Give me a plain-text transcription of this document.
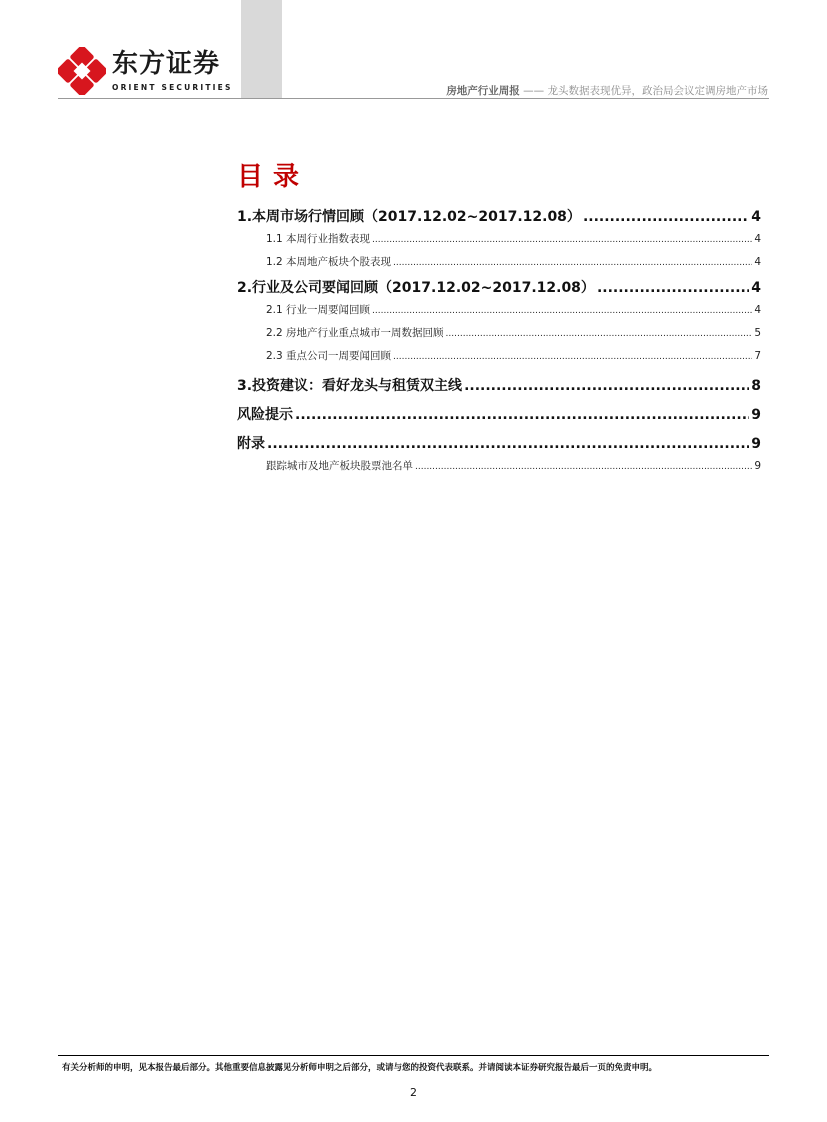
东方证券
ORIENT SECURITIES	房地产行业周报 —— 龙头数据表现优异，政治局会议定调房地产市场
目录
1.本周市场行情回顾（2017.12.02~2017.12.08） .....	4
1.1 本周行业指数表现 .....	4
1.2 本周地产板块个股表现 .....	4
2.行业及公司要闻回顾（2017.12.02~2017.12.08） .....	4
2.1 行业一周要闻回顾 .....	4
2.2 房地产行业重点城市一周数据回顾 .....	5
2.3 重点公司一周要闻回顾 .....	7
3.投资建议：看好龙头与租赁双主线 .....	8
风险提示 .....	9
附录 .....	9
跟踪城市及地产板块股票池名单 .....	9
有关分析师的申明，见本报告最后部分。其他重要信息披露见分析师申明之后部分，或请与您的投资代表联系。并请阅读本证券研究报告最后一页的免责申明。
2
